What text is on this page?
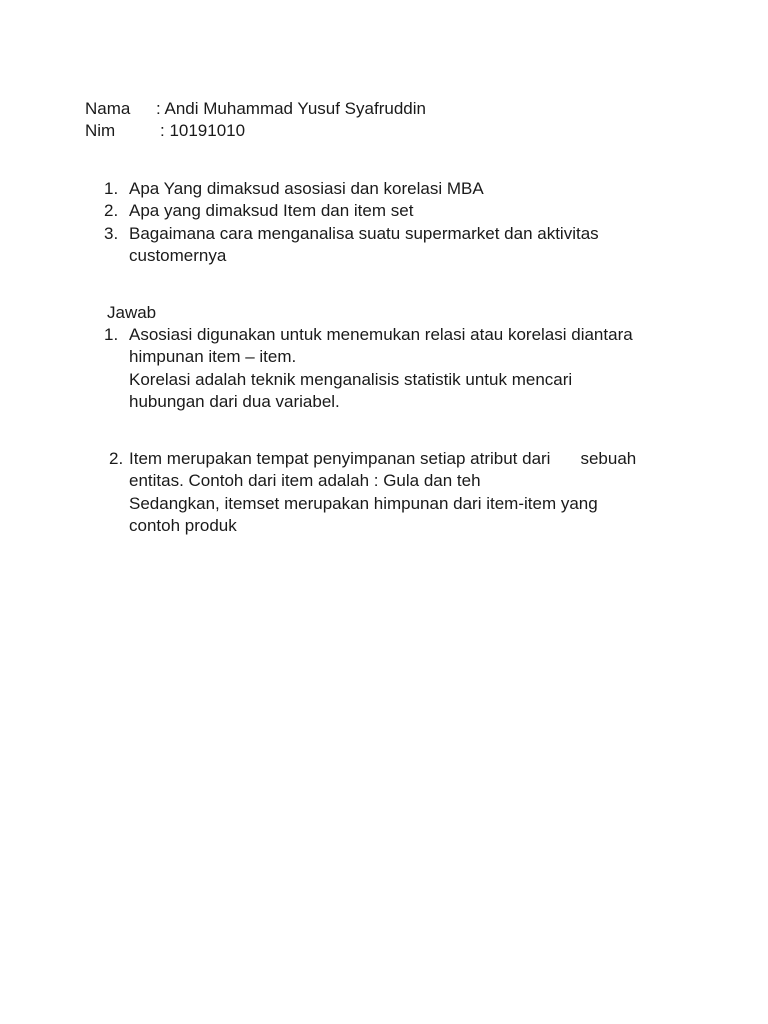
Nama : Andi Muhammad Yusuf Syafruddin
Nim	: 10191010
1. Apa Yang dimaksud asosiasi dan korelasi MBA
2. Apa yang dimaksud Item dan item set
3. Bagaimana cara menganalisa suatu supermarket dan aktivitas
customernya
Jawab
1. Asosiasi digunakan untuk menemukan relasi atau korelasi diantara
himpunan item – item.
Korelasi adalah teknik menganalisis statistik untuk mencari
hubungan dari dua variabel.
2. Item merupakan tempat penyimpanan setiap atribut dari sebuah
entitas. Contoh dari item adalah : Gula dan teh
Sedangkan, itemset merupakan himpunan dari item-item yang
contoh produk
